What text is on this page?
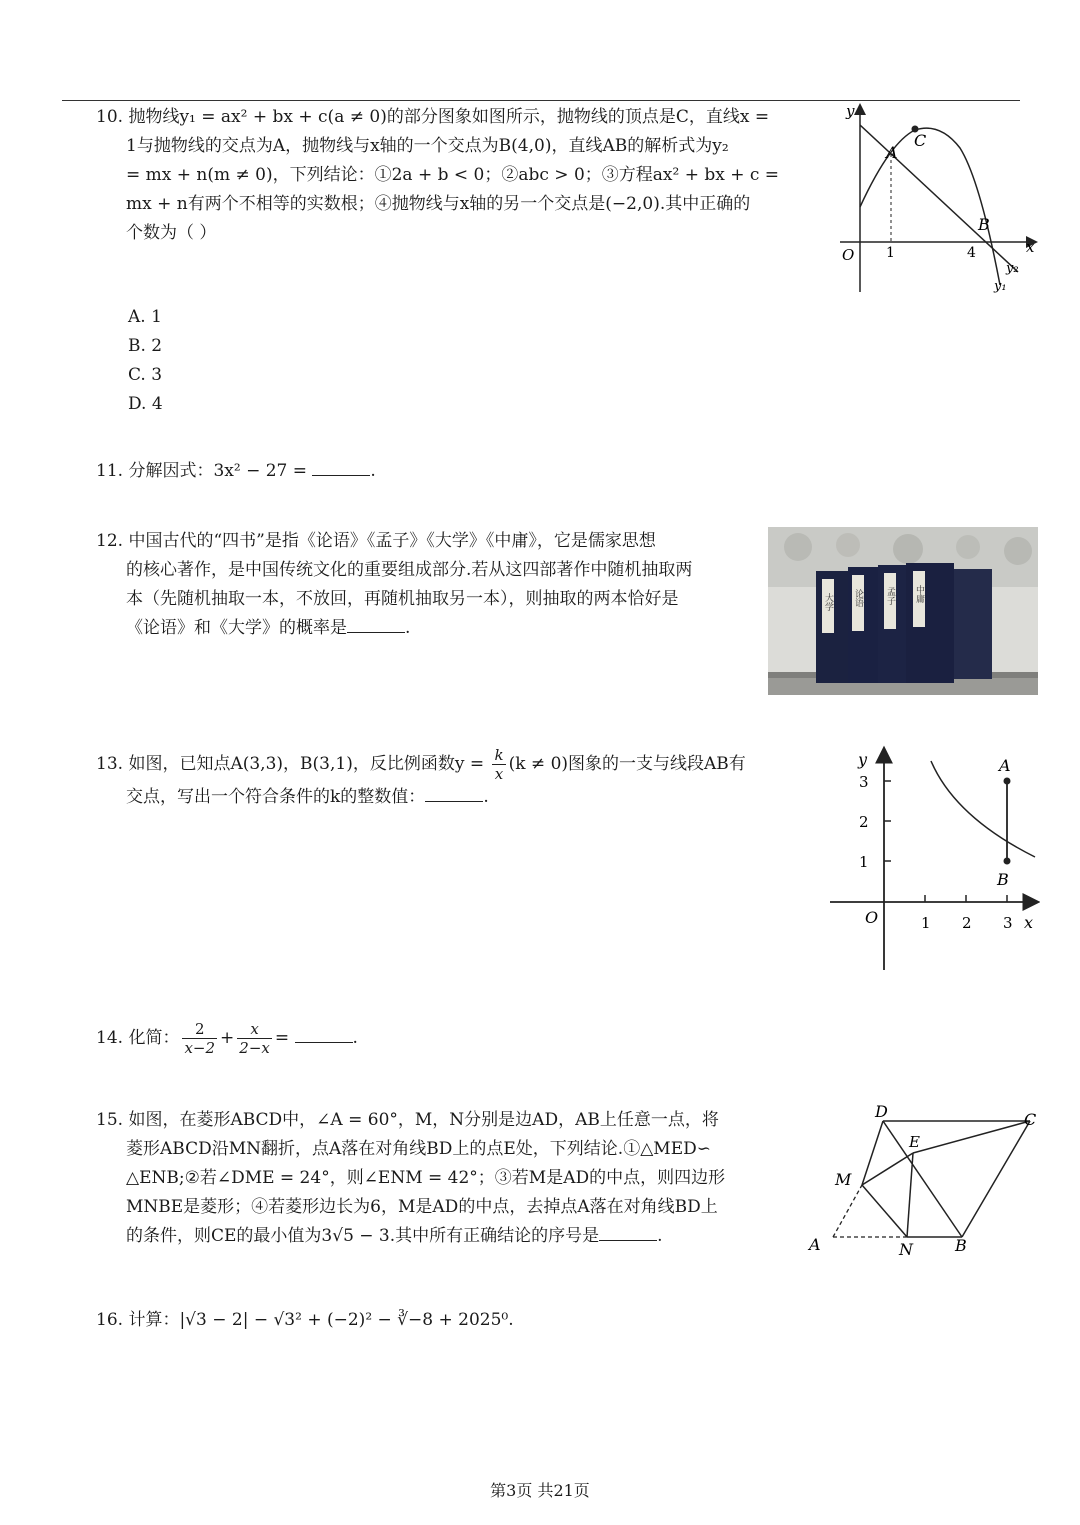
10. 抛物线y₁ = ax² + bx + c(a ≠ 0)的部分图象如图所示，抛物线的顶点是C，直线x =
1与抛物线的交点为A，抛物线与x轴的一个交点为B(4,0)，直线AB的解析式为y₂
= mx + n(m ≠ 0)，下列结论：①2a + b < 0；②abc > 0；③方程ax² + bx + c =
mx + n有两个不相等的实数根；④抛物线与x轴的另一个交点是(−2,0).其中正确的
个数为（ ）
A. 1
B. 2
C. 3
D. 4
y
x
O 1	4
A
C
B
y₂
y₁
11. 分解因式：3x² − 27 =	.
12. 中国古代的“四书”是指《论语》《孟子》《大学》《中庸》，它是儒家思想
的核心著作，是中国传统文化的重要组成部分.若从这四部著作中随机抽取两
本（先随机抽取一本，不放回，再随机抽取另一本），则抽取的两本恰好是
《论语》和《大学》的概率是	.
大学 论语 孟子 中庸
13. 如图，已知点A(3,3)，B(3,1)，反比例函数$y = \frac{k}{x} (k \ne 0)$图象的一支与线段AB有
交点，写出一个符合条件的k的整数值：	.
y
x
O
3
2
1
1 2 3
A
B
14. 化简： $\frac{2}{x-2} + \frac{x}{2-x}$ =	.
15. 如图，在菱形ABCD中，∠A = 60°，M，N分别是边AD，AB上任意一点，将
菱形ABCD沿MN翻折，点A落在对角线BD上的点E处，下列结论.①△MED∽
△ENB;②若∠DME = 24°，则∠ENM = 42°；③若M是AD的中点，则四边形
MNBE是菱形；④若菱形边长为6，M是AD的中点，去掉点A落在对角线BD上
的条件，则CE的最小值为3√5 − 3.其中所有正确结论的序号是	.
D	C
E
M
A	N	B
16. 计算：|√3 − 2| − √3² + (−2)² − ∛−8 + 2025⁰.
第3页 共21页
